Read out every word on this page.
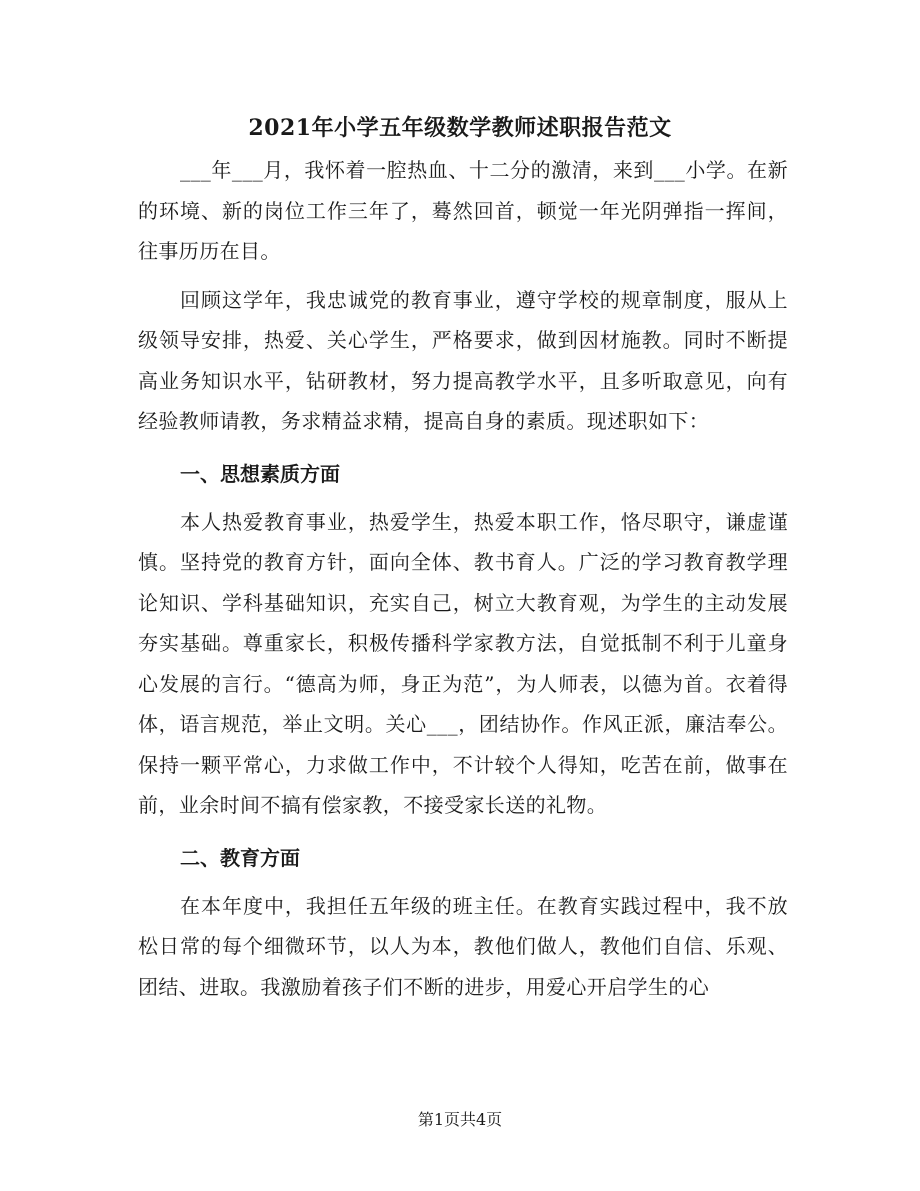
2021年小学五年级数学教师述职报告范文

___年___月，我怀着一腔热血、十二分的激清，来到___小学。在新的环境、新的岗位工作三年了，蓦然回首，顿觉一年光阴弹指一挥间，往事历历在目。

回顾这学年，我忠诚党的教育事业，遵守学校的规章制度，服从上级领导安排，热爱、关心学生，严格要求，做到因材施教。同时不断提高业务知识水平，钻研教材，努力提高教学水平，且多听取意见，向有经验教师请教，务求精益求精，提高自身的素质。现述职如下：

一、思想素质方面

本人热爱教育事业，热爱学生，热爱本职工作，恪尽职守，谦虚谨慎。坚持党的教育方针，面向全体、教书育人。广泛的学习教育教学理论知识、学科基础知识，充实自己，树立大教育观，为学生的主动发展夯实基础。尊重家长，积极传播科学家教方法，自觉抵制不利于儿童身心发展的言行。“德高为师，身正为范”，为人师表，以德为首。衣着得体，语言规范，举止文明。关心___，团结协作。作风正派，廉洁奉公。保持一颗平常心，力求做工作中，不计较个人得知，吃苦在前，做事在前，业余时间不搞有偿家教，不接受家长送的礼物。

二、教育方面

在本年度中，我担任五年级的班主任。在教育实践过程中，我不放松日常的每个细微环节，以人为本，教他们做人，教他们自信、乐观、团结、进取。我激励着孩子们不断的进步，用爱心开启学生的心

第1页共4页
